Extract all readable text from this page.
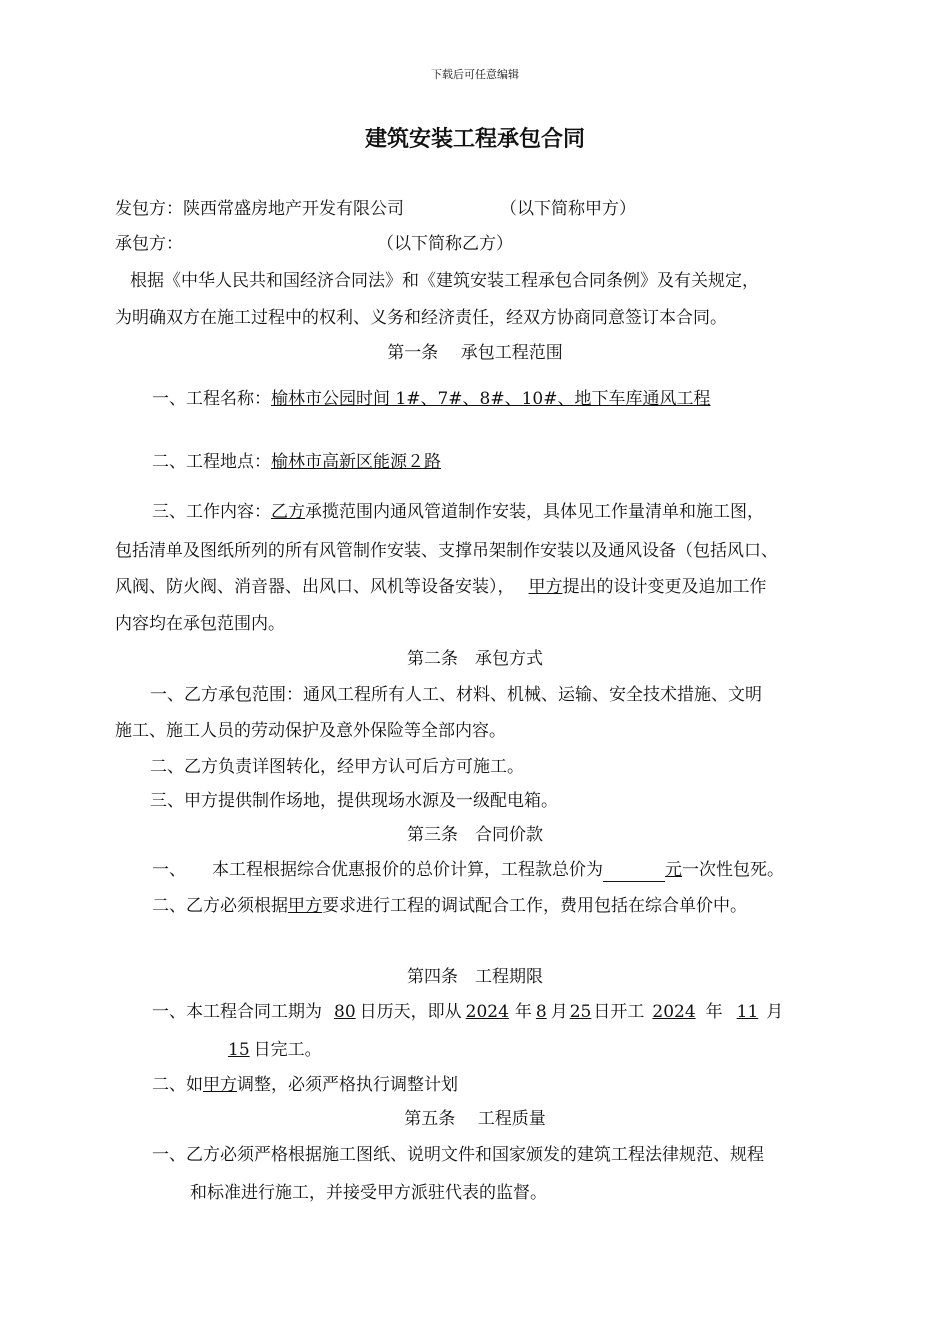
下载后可任意编辑
建筑安装工程承包合同
发包方：陕西常盛房地产开发有限公司	（以下简称甲方）
承包方：	（以下简称乙方）
根据《中华人民共和国经济合同法》和《建筑安装工程承包合同条例》及有关规定，
为明确双方在施工过程中的权利、义务和经济责任，经双方协商同意签订本合同。
第一条　 承包工程范围
一、工程名称：榆林市公园时间 1#、7#、8#、10#、地下车库通风工程
二、工程地点：榆林市高新区能源２路
三、工作内容：乙方承揽范围内通风管道制作安装，具体见工作量清单和施工图，
包括清单及图纸所列的所有风管制作安装、支撑吊架制作安装以及通风设备（包括风口、
风阀、防火阀、消音器、出风口、风机等设备安装）， 甲方提出的设计变更及追加工作
内容均在承包范围内。
第二条　承包方式
一、乙方承包范围：通风工程所有人工、材料、机械、运输、安全技术措施、文明
施工、施工人员的劳动保护及意外保险等全部内容。
二、乙方负责详图转化，经甲方认可后方可施工。
三、甲方提供制作场地，提供现场水源及一级配电箱。
第三条　合同价款
一、 本工程根据综合优惠报价的总价计算，工程款总价为	元一次性包死。
二、乙方必须根据甲方要求进行工程的调试配合工作，费用包括在综合单价中。
第四条　工程期限
一、本工程合同工期为 80 日历天，即从 2024 年 8 月 25 日开工 2024 年 11 月
15 日完工。
二、如甲方调整，必须严格执行调整计划
第五条　 工程质量
一、乙方必须严格根据施工图纸、说明文件和国家颁发的建筑工程法律规范、规程
和标准进行施工，并接受甲方派驻代表的监督。
